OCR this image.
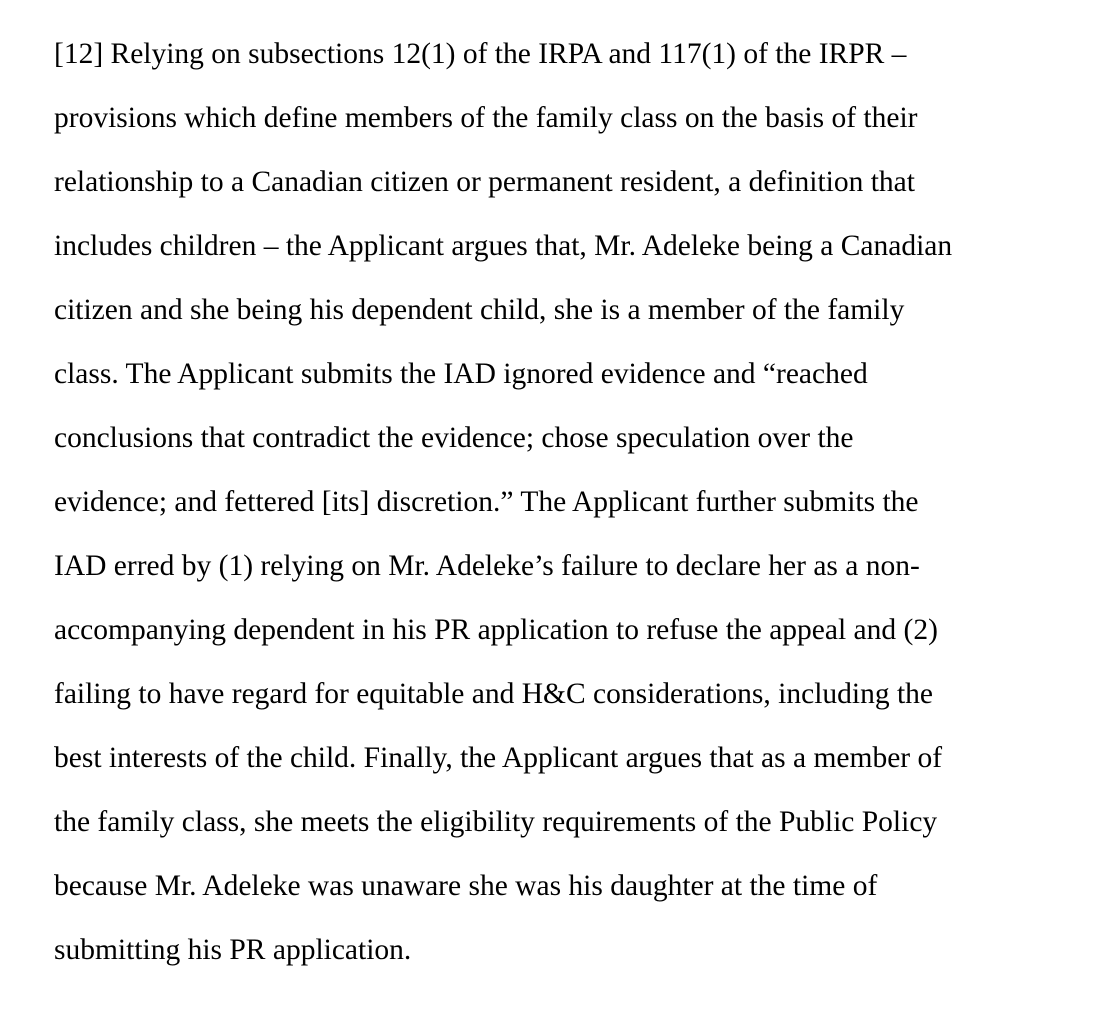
[12] Relying on subsections 12(1) of the IRPA and 117(1) of the IRPR –
provisions which define members of the family class on the basis of their
relationship to a Canadian citizen or permanent resident, a definition that
includes children – the Applicant argues that, Mr. Adeleke being a Canadian
citizen and she being his dependent child, she is a member of the family
class. The Applicant submits the IAD ignored evidence and “reached
conclusions that contradict the evidence; chose speculation over the
evidence; and fettered [its] discretion.” The Applicant further submits the
IAD erred by (1) relying on Mr. Adeleke’s failure to declare her as a non-
accompanying dependent in his PR application to refuse the appeal and (2)
failing to have regard for equitable and H&C considerations, including the
best interests of the child. Finally, the Applicant argues that as a member of
the family class, she meets the eligibility requirements of the Public Policy
because Mr. Adeleke was unaware she was his daughter at the time of
submitting his PR application.
